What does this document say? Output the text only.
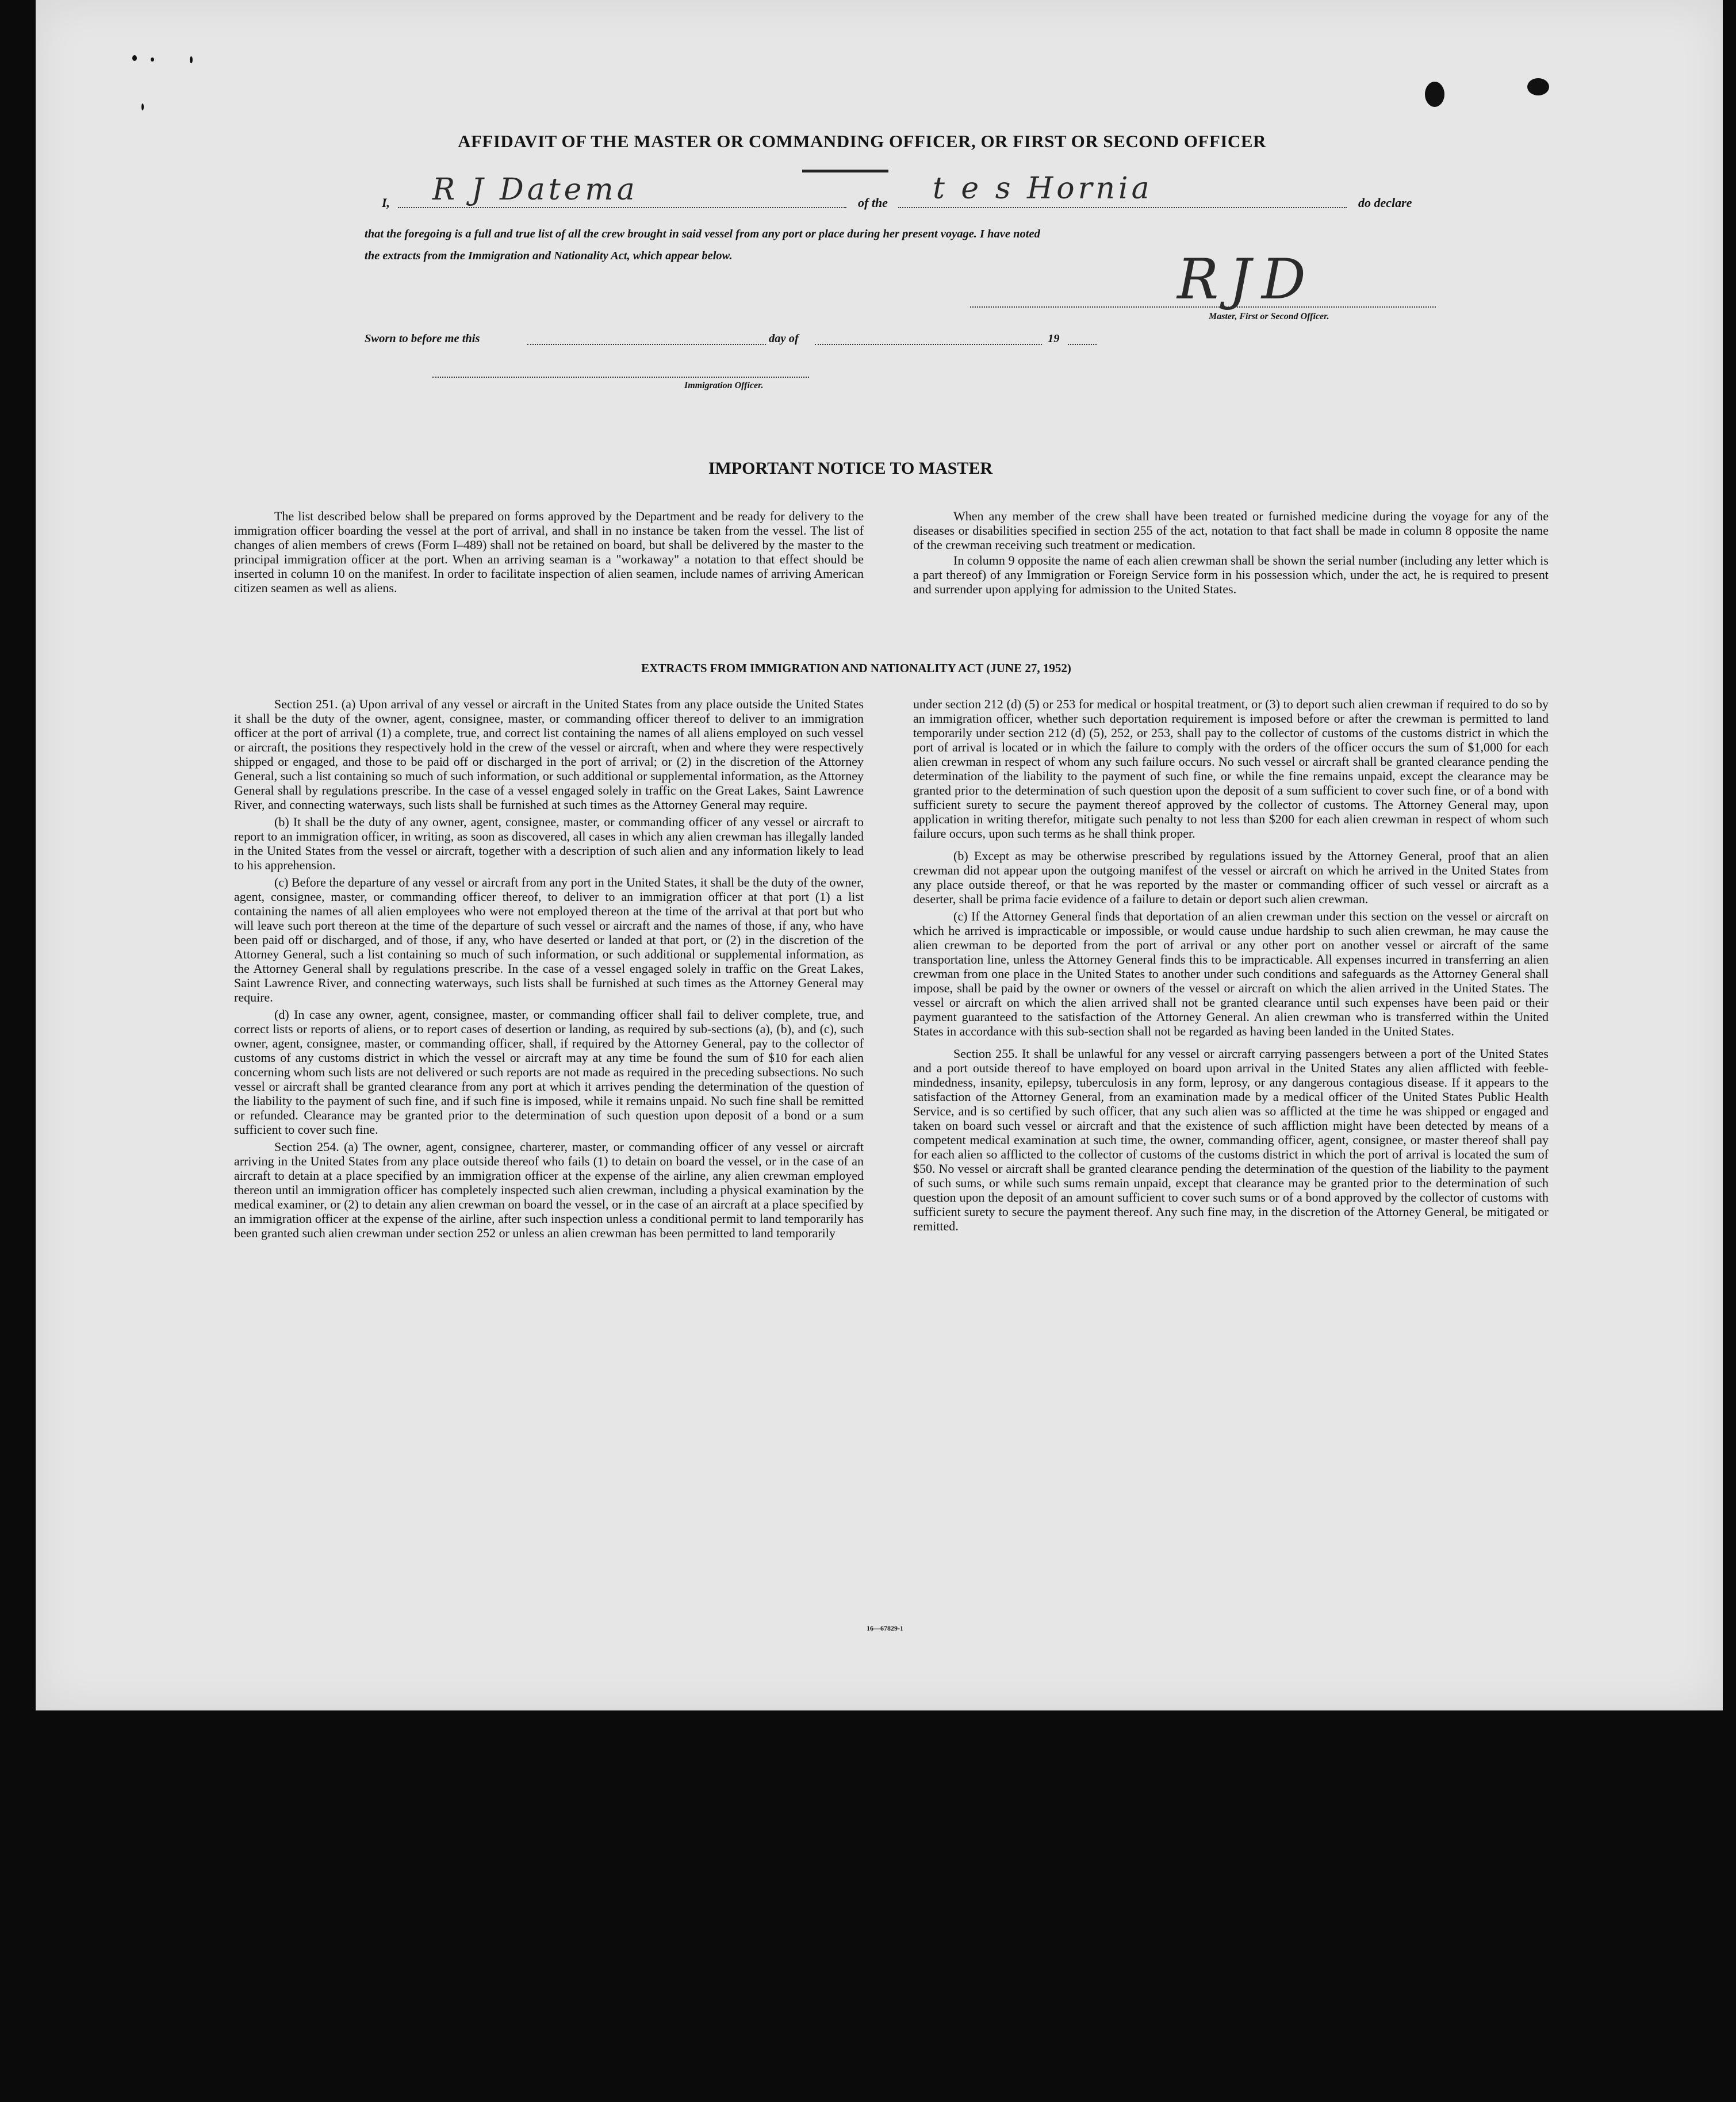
AFFIDAVIT OF THE MASTER OR COMMANDING OFFICER, OR FIRST OR SECOND OFFICER
I, R J Datema	of the t e s Hornia	do declare
that the foregoing is a full and true list of all the crew brought in said vessel from any port or place during her present voyage. I have noted
the extracts from the Immigration and Nationality Act, which appear below.	RJD
Master, First or Second Officer.
Sworn to before me this	day of	19
Immigration Officer.
IMPORTANT NOTICE TO MASTER

The list described below shall be prepared on forms approved by the Department and be ready for delivery to the immigration officer boarding the vessel at the port of arrival, and shall in no instance be taken from the vessel. The list of changes of alien members of crews (Form I–489) shall not be retained on board, but shall be delivered by the master to the principal immigration officer at the port. When an arriving seaman is a "workaway" a notation to that effect should be inserted in column 10 on the manifest. In order to facilitate inspection of alien seamen, include names of arriving American citizen seamen as well as aliens.

When any member of the crew shall have been treated or furnished medicine during the voyage for any of the diseases or disabilities specified in section 255 of the act, notation to that fact shall be made in column 8 opposite the name of the crewman receiving such treatment or medication.

In column 9 opposite the name of each alien crewman shall be shown the serial number (including any letter which is a part thereof) of any Immigration or Foreign Service form in his possession which, under the act, he is required to present and surrender upon applying for admission to the United States.

EXTRACTS FROM IMMIGRATION AND NATIONALITY ACT (JUNE 27, 1952)

Section 251. (a) Upon arrival of any vessel or aircraft in the United States from any place outside the United States it shall be the duty of the owner, agent, consignee, master, or commanding officer thereof to deliver to an immigration officer at the port of arrival (1) a complete, true, and correct list containing the names of all aliens employed on such vessel or aircraft, the positions they respectively hold in the crew of the vessel or aircraft, when and where they were respectively shipped or engaged, and those to be paid off or discharged in the port of arrival; or (2) in the discretion of the Attorney General, such a list containing so much of such information, or such additional or supplemental information, as the Attorney General shall by regulations prescribe. In the case of a vessel engaged solely in traffic on the Great Lakes, Saint Lawrence River, and connecting waterways, such lists shall be furnished at such times as the Attorney General may require.

(b) It shall be the duty of any owner, agent, consignee, master, or commanding officer of any vessel or aircraft to report to an immigration officer, in writing, as soon as discovered, all cases in which any alien crewman has illegally landed in the United States from the vessel or aircraft, together with a description of such alien and any information likely to lead to his apprehension.

(c) Before the departure of any vessel or aircraft from any port in the United States, it shall be the duty of the owner, agent, consignee, master, or commanding officer thereof, to deliver to an immigration officer at that port (1) a list containing the names of all alien employees who were not employed thereon at the time of the arrival at that port but who will leave such port thereon at the time of the departure of such vessel or aircraft and the names of those, if any, who have been paid off or discharged, and of those, if any, who have deserted or landed at that port, or (2) in the discretion of the Attorney General, such a list containing so much of such information, or such additional or supplemental information, as the Attorney General shall by regulations prescribe. In the case of a vessel engaged solely in traffic on the Great Lakes, Saint Lawrence River, and connecting waterways, such lists shall be furnished at such times as the Attorney General may require.

(d) In case any owner, agent, consignee, master, or commanding officer shall fail to deliver complete, true, and correct lists or reports of aliens, or to report cases of desertion or landing, as required by sub-sections (a), (b), and (c), such owner, agent, consignee, master, or commanding officer, shall, if required by the Attorney General, pay to the collector of customs of any customs district in which the vessel or aircraft may at any time be found the sum of $10 for each alien concerning whom such lists are not delivered or such reports are not made as required in the preceding subsections. No such vessel or aircraft shall be granted clearance from any port at which it arrives pending the determination of the question of the liability to the payment of such fine, and if such fine is imposed, while it remains unpaid. No such fine shall be remitted or refunded. Clearance may be granted prior to the determination of such question upon deposit of a bond or a sum sufficient to cover such fine.

Section 254. (a) The owner, agent, consignee, charterer, master, or commanding officer of any vessel or aircraft arriving in the United States from any place outside thereof who fails (1) to detain on board the vessel, or in the case of an aircraft to detain at a place specified by an immigration officer at the expense of the airline, any alien crewman employed thereon until an immigration officer has completely inspected such alien crewman, including a physical examination by the medical examiner, or (2) to detain any alien crewman on board the vessel, or in the case of an aircraft at a place specified by an immigration officer at the expense of the airline, after such inspection unless a conditional permit to land temporarily has been granted such alien crewman under section 252 or unless an alien crewman has been permitted to land temporarily

under section 212 (d) (5) or 253 for medical or hospital treatment, or (3) to deport such alien crewman if required to do so by an immigration officer, whether such deportation requirement is imposed before or after the crewman is permitted to land temporarily under section 212 (d) (5), 252, or 253, shall pay to the collector of customs of the customs district in which the port of arrival is located or in which the failure to comply with the orders of the officer occurs the sum of $1,000 for each alien crewman in respect of whom any such failure occurs. No such vessel or aircraft shall be granted clearance pending the determination of the liability to the payment of such fine, or while the fine remains unpaid, except the clearance may be granted prior to the determination of such question upon the deposit of a sum sufficient to cover such fine, or of a bond with sufficient surety to secure the payment thereof approved by the collector of customs. The Attorney General may, upon application in writing therefor, mitigate such penalty to not less than $200 for each alien crewman in respect of whom such failure occurs, upon such terms as he shall think proper.

(b) Except as may be otherwise prescribed by regulations issued by the Attorney General, proof that an alien crewman did not appear upon the outgoing manifest of the vessel or aircraft on which he arrived in the United States from any place outside thereof, or that he was reported by the master or commanding officer of such vessel or aircraft as a deserter, shall be prima facie evidence of a failure to detain or deport such alien crewman.

(c) If the Attorney General finds that deportation of an alien crewman under this section on the vessel or aircraft on which he arrived is impracticable or impossible, or would cause undue hardship to such alien crewman, he may cause the alien crewman to be deported from the port of arrival or any other port on another vessel or aircraft of the same transportation line, unless the Attorney General finds this to be impracticable. All expenses incurred in transferring an alien crewman from one place in the United States to another under such conditions and safeguards as the Attorney General shall impose, shall be paid by the owner or owners of the vessel or aircraft on which the alien arrived in the United States. The vessel or aircraft on which the alien arrived shall not be granted clearance until such expenses have been paid or their payment guaranteed to the satisfaction of the Attorney General. An alien crewman who is transferred within the United States in accordance with this sub-section shall not be regarded as having been landed in the United States.

Section 255. It shall be unlawful for any vessel or aircraft carrying passengers between a port of the United States and a port outside thereof to have employed on board upon arrival in the United States any alien afflicted with feeble-mindedness, insanity, epilepsy, tuberculosis in any form, leprosy, or any dangerous contagious disease. If it appears to the satisfaction of the Attorney General, from an examination made by a medical officer of the United States Public Health Service, and is so certified by such officer, that any such alien was so afflicted at the time he was shipped or engaged and taken on board such vessel or aircraft and that the existence of such affliction might have been detected by means of a competent medical examination at such time, the owner, commanding officer, agent, consignee, or master thereof shall pay for each alien so afflicted to the collector of customs of the customs district in which the port of arrival is located the sum of $50. No vessel or aircraft shall be granted clearance pending the determination of the question of the liability to the payment of such sums, or while such sums remain unpaid, except that clearance may be granted prior to the determination of such question upon the deposit of an amount sufficient to cover such sums or of a bond approved by the collector of customs with sufficient surety to secure the payment thereof. Any such fine may, in the discretion of the Attorney General, be mitigated or remitted.

16—67829-1
